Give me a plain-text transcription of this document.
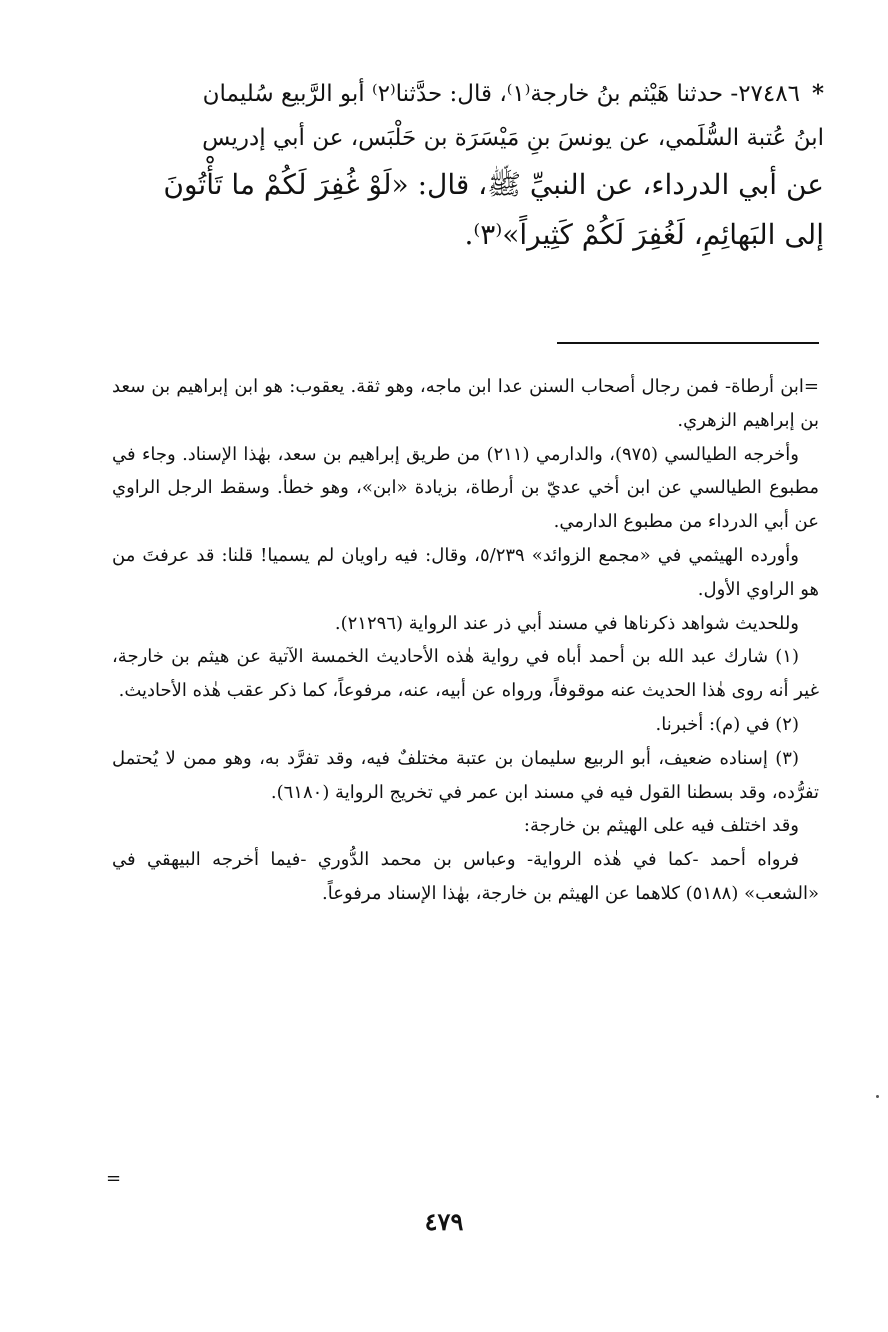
*٢٧٤٨٦- حدثنا هَيْثم بنُ خارجة⁽١⁾، قال: حدَّثنا⁽٢⁾ أبو الرَّبيع سُليمان

ابنُ عُتبة السُّلَمي، عن يونسَ بنِ مَيْسَرَة بن حَلْبَس، عن أبي إدريس

عن أبي الدرداء، عن النبيِّ ﷺ، قال: «لَوْ غُفِرَ لَكُمْ ما تَأْتُونَ

إلى البَهائِمِ، لَغُفِرَ لَكُمْ كَثِيراً»⁽٣⁾.

=ابن أرطاة- فمن رجال أصحاب السنن عدا ابن ماجه، وهو ثقة. يعقوب: هو ابن إبراهيم بن سعد بن إبراهيم الزهري.

وأخرجه الطيالسي (٩٧٥)، والدارمي (٢١١) من طريق إبراهيم بن سعد، بهٰذا الإسناد. وجاء في مطبوع الطيالسي عن ابن أخي عديّ بن أرطاة، بزيادة «ابن»، وهو خطأ. وسقط الرجل الراوي عن أبي الدرداء من مطبوع الدارمي.

وأورده الهيثمي في «مجمع الزوائد» ٥/٢٣٩، وقال: فيه راويان لم يسميا! قلنا: قد عرفتَ من هو الراوي الأول.

وللحديث شواهد ذكرناها في مسند أبي ذر عند الرواية (٢١٢٩٦).

(١) شارك عبد الله بن أحمد أباه في رواية هٰذه الأحاديث الخمسة الآتية عن هيثم بن خارجة، غير أنه روى هٰذا الحديث عنه موقوفاً، ورواه عن أبيه، عنه، مرفوعاً، كما ذكر عقب هٰذه الأحاديث.

(٢) في (م): أخبرنا.

(٣) إسناده ضعيف، أبو الربيع سليمان بن عتبة مختلفٌ فيه، وقد تفرَّد به، وهو ممن لا يُحتمل تفرُّده، وقد بسطنا القول فيه في مسند ابن عمر في تخريج الرواية (٦١٨٠).

وقد اختلف فيه على الهيثم بن خارجة:

فرواه أحمد -كما في هٰذه الرواية- وعباس بن محمد الدُّوري -فيما أخرجه البيهقي في «الشعب» (٥١٨٨) كلاهما عن الهيثم بن خارجة، بهٰذا الإسناد مرفوعاً.

=
٤٧٩
